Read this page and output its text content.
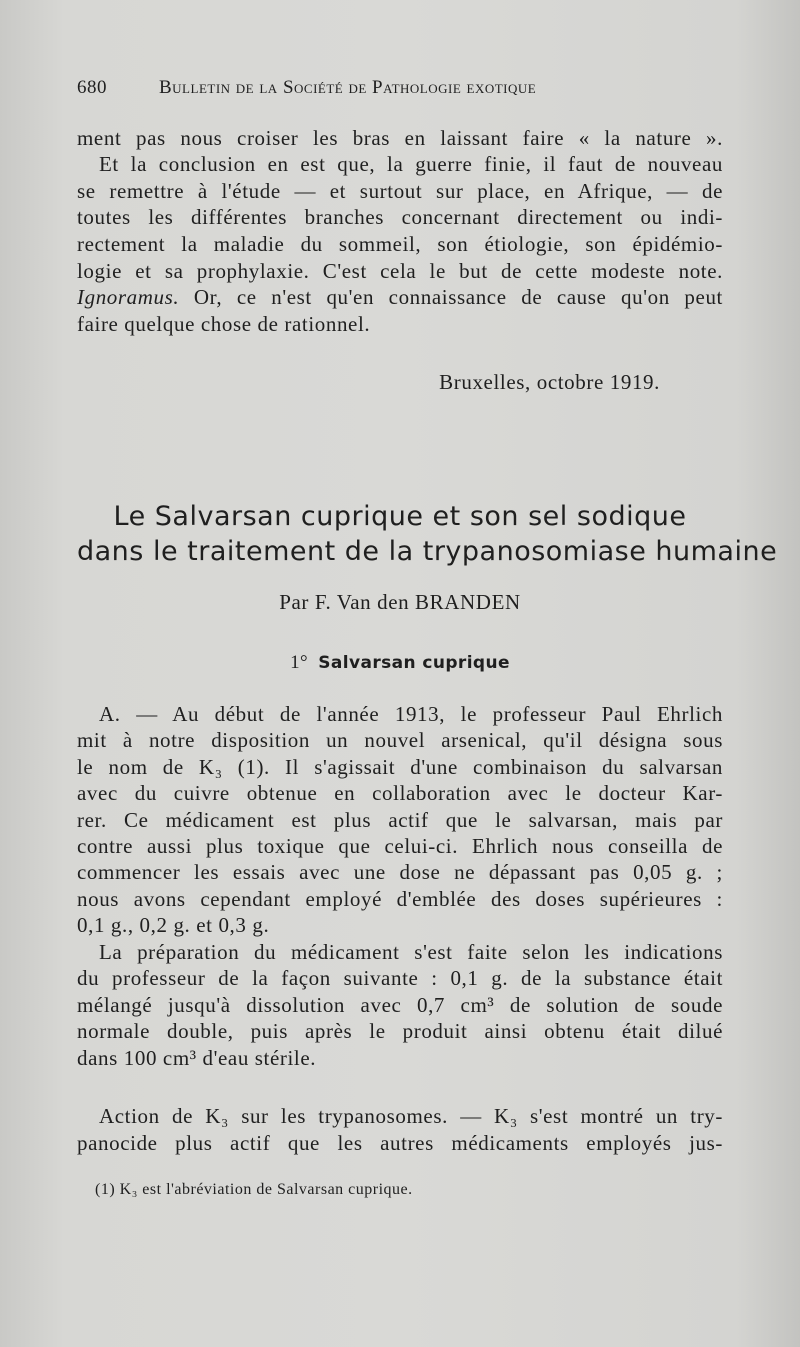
680	Bulletin de la Société de Pathologie exotique
ment pas nous croiser les bras en laissant faire « la nature ».
Et la conclusion en est que, la guerre finie, il faut de nouveau
se remettre à l'étude — et surtout sur place, en Afrique, — de
toutes les différentes branches concernant directement ou indi-
rectement la maladie du sommeil, son étiologie, son épidémio-
logie et sa prophylaxie. C'est cela le but de cette modeste note.
Ignoramus. Or, ce n'est qu'en connaissance de cause qu'on peut
faire quelque chose de rationnel.
Bruxelles, octobre 1919.
Le Salvarsan cuprique et son sel sodique
dans le traitement de la trypanosomiase humaine
Par F. Van den BRANDEN
1° Salvarsan cuprique
A. — Au début de l'année 1913, le professeur Paul Ehrlich
mit à notre disposition un nouvel arsenical, qu'il désigna sous
le nom de K₃ (1). Il s'agissait d'une combinaison du salvarsan
avec du cuivre obtenue en collaboration avec le docteur Kar-
rer. Ce médicament est plus actif que le salvarsan, mais par
contre aussi plus toxique que celui-ci. Ehrlich nous conseilla de
commencer les essais avec une dose ne dépassant pas 0,05 g. ;
nous avons cependant employé d'emblée des doses supérieures :
0,1 g., 0,2 g. et 0,3 g.
La préparation du médicament s'est faite selon les indications
du professeur de la façon suivante : 0,1 g. de la substance était
mélangé jusqu'à dissolution avec 0,7 cm³ de solution de soude
normale double, puis après le produit ainsi obtenu était dilué
dans 100 cm³ d'eau stérile.
Action de K₃ sur les trypanosomes. — K₃ s'est montré un try-
panocide plus actif que les autres médicaments employés jus-
(1) K₃ est l'abréviation de Salvarsan cuprique.
